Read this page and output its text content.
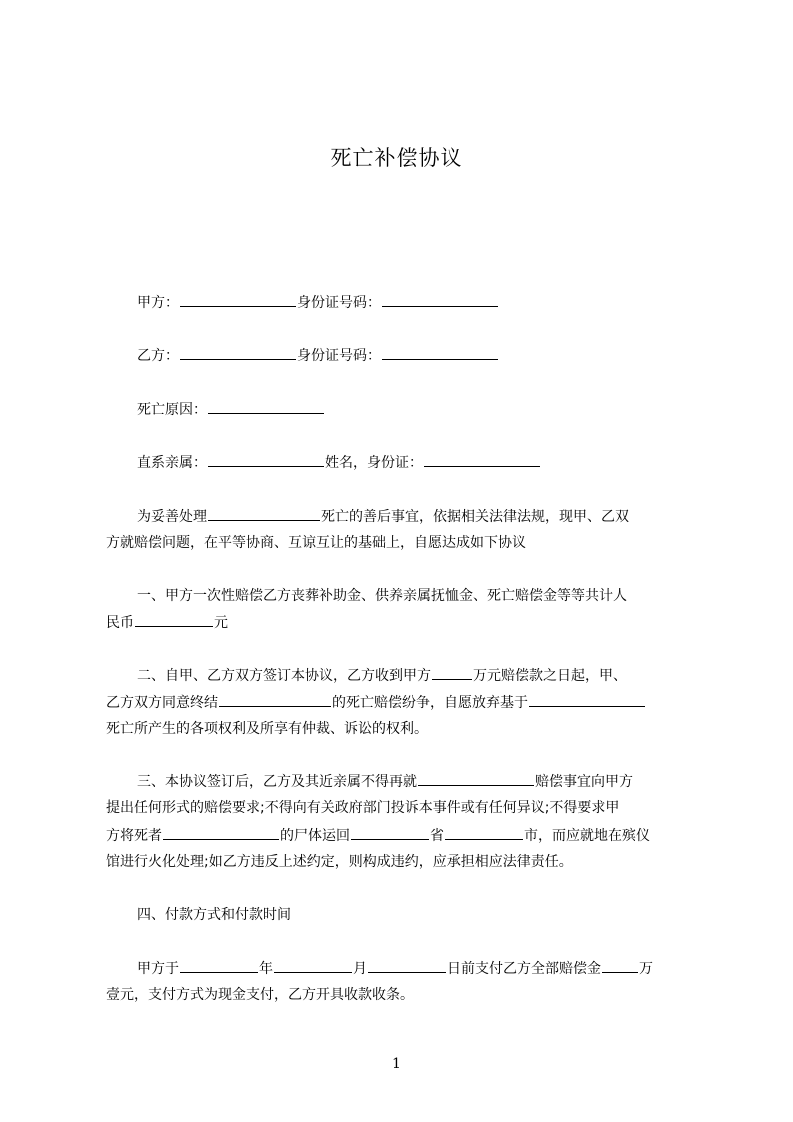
死亡补偿协议
甲方：	身份证号码：
乙方：	身份证号码：
死亡原因：
直系亲属：	姓名，身份证：
为妥善处理	死亡的善后事宜，依据相关法律法规，现甲、乙双
方就赔偿问题，在平等协商、互谅互让的基础上，自愿达成如下协议
一、甲方一次性赔偿乙方丧葬补助金、供养亲属抚恤金、死亡赔偿金等等共计人
民币	元
二、自甲、乙方双方签订本协议，乙方收到甲方	万元赔偿款之日起，甲、
乙方双方同意终结	的死亡赔偿纷争，自愿放弃基于
死亡所产生的各项权利及所享有仲裁、诉讼的权利。
三、本协议签订后，乙方及其近亲属不得再就	赔偿事宜向甲方
提出任何形式的赔偿要求;不得向有关政府部门投诉本事件或有任何异议;不得要求甲
方将死者	的尸体运回	省	市，而应就地在殡仪
馆进行火化处理;如乙方违反上述约定，则构成违约，应承担相应法律责任。
四、付款方式和付款时间
甲方于	年	月	日前支付乙方全部赔偿金	万
壹元，支付方式为现金支付，乙方开具收款收条。
1
